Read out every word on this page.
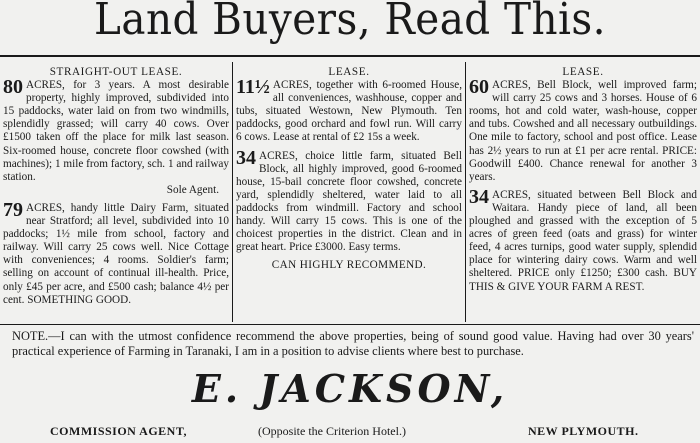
Land Buyers, Read This.
STRAIGHT-OUT LEASE.

80 ACRES, for 3 years. A most desirable property, highly improved, subdivided into 15 paddocks, water laid on from two windmills, splendidly grassed; will carry 40 cows. Over £1500 taken off the place for milk last season. Six-roomed house, concrete floor cowshed (with machines); 1 mile from factory, sch. 1 and railway station.
Sole Agent.

79 ACRES, handy little Dairy Farm, situated near Stratford; all level, subdivided into 10 paddocks; 1½ mile from school, factory and railway. Will carry 25 cows well. Nice Cottage with conveniences; 4 rooms. Soldier's farm; selling on account of continual ill-health. Price, only £45 per acre, and £500 cash; balance 4½ per cent. SOMETHING GOOD.

LEASE.

11½ ACRES, together with 6-roomed House, all conveniences, washhouse, copper and tubs, situated Westown, New Plymouth. Ten paddocks, good orchard and fowl run. Will carry 6 cows. Lease at rental of £2 15s a week.

34 ACRES, choice little farm, situated Bell Block, all highly improved, good 6-roomed house, 15-bail concrete floor cowshed, concrete yard, splendidly sheltered, water laid to all paddocks from windmill. Factory and school handy. Will carry 15 cows. This is one of the choicest properties in the district. Clean and in great heart. Price £3000. Easy terms.

CAN HIGHLY RECOMMEND.
LEASE.

60 ACRES, Bell Block, well improved farm; will carry 25 cows and 3 horses. House of 6 rooms, hot and cold water, wash-house, copper and tubs. Cowshed and all necessary outbuildings. One mile to factory, school and post office. Lease has 2½ years to run at £1 per acre rental. PRICE: Goodwill £400. Chance renewal for another 3 years.

34 ACRES, situated between Bell Block and Waitara. Handy piece of land, all been ploughed and grassed with the exception of 5 acres of green feed (oats and grass) for winter feed, 4 acres turnips, good water supply, splendid place for wintering dairy cows. Warm and well sheltered. PRICE only £1250; £300 cash. BUY THIS & GIVE YOUR FARM A REST.

NOTE.—I can with the utmost confidence recommend the above properties, being of sound good value. Having had over 30 years' practical experience of Farming in Taranaki, I am in a position to advise clients where best to purchase.
E. JACKSON,
COMMISSION AGENT,	(Opposite the Criterion Hotel.)	NEW PLYMOUTH.
